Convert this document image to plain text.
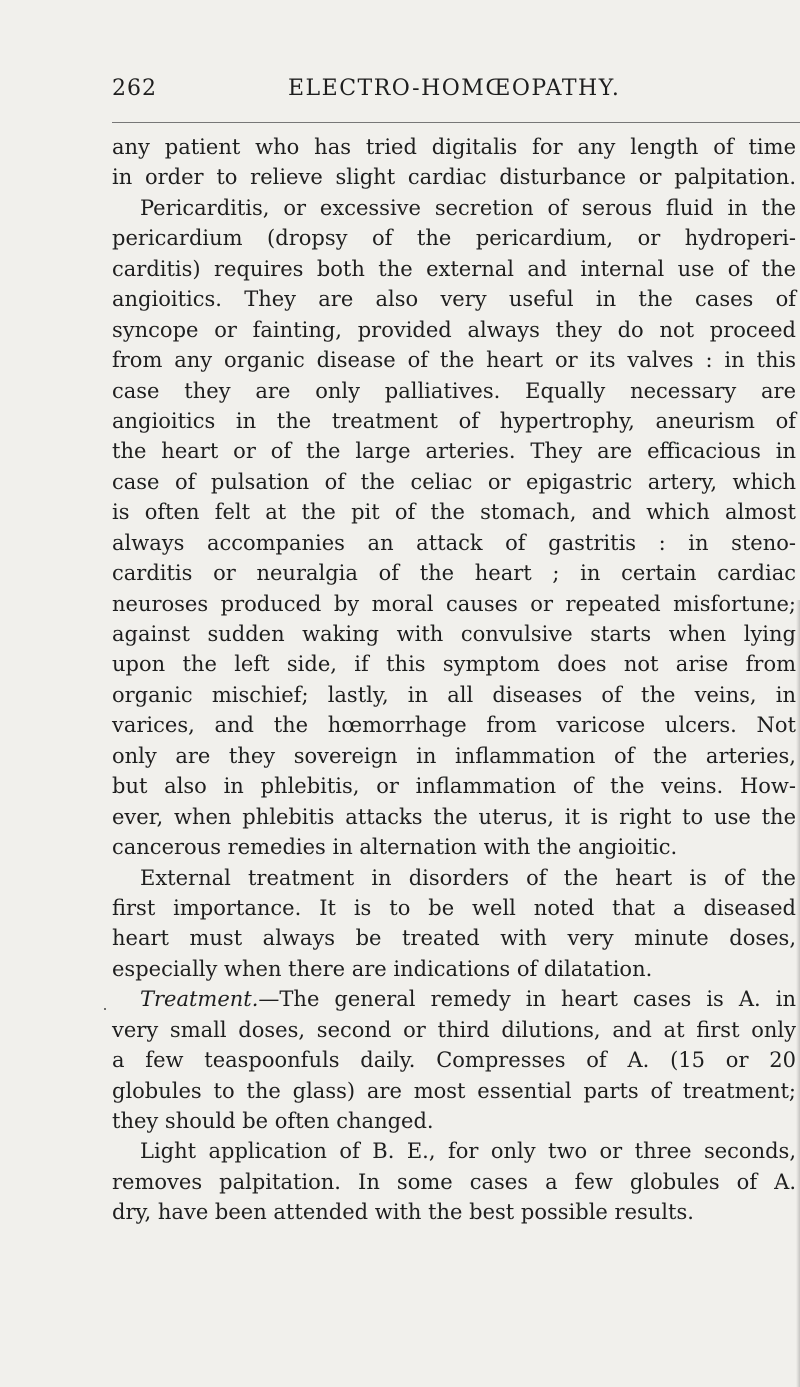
262	ELECTRO-HOMŒOPATHY.
any patient who has tried digitalis for any length of time
in order to relieve slight cardiac disturbance or palpitation.
Pericarditis, or excessive secretion of serous fluid in the
pericardium (dropsy of the pericardium, or hydroperi-
carditis) requires both the external and internal use of the
angioitics. They are also very useful in the cases of
syncope or fainting, provided always they do not proceed
from any organic disease of the heart or its valves : in this
case they are only palliatives. Equally necessary are
angioitics in the treatment of hypertrophy, aneurism of
the heart or of the large arteries. They are efficacious in
case of pulsation of the celiac or epigastric artery, which
is often felt at the pit of the stomach, and which almost
always accompanies an attack of gastritis : in steno-
carditis or neuralgia of the heart ; in certain cardiac
neuroses produced by moral causes or repeated misfortune;
against sudden waking with convulsive starts when lying
upon the left side, if this symptom does not arise from
organic mischief; lastly, in all diseases of the veins, in
varices, and the hœmorrhage from varicose ulcers. Not
only are they sovereign in inflammation of the arteries,
but also in phlebitis, or inflammation of the veins. How-
ever, when phlebitis attacks the uterus, it is right to use the
cancerous remedies in alternation with the angioitic.
External treatment in disorders of the heart is of the
first importance. It is to be well noted that a diseased
heart must always be treated with very minute doses,
especially when there are indications of dilatation.
Treatment.—The general remedy in heart cases is A. in
very small doses, second or third dilutions, and at first only
a few teaspoonfuls daily. Compresses of A. (15 or 20
globules to the glass) are most essential parts of treatment;
they should be often changed.
Light application of B. E., for only two or three seconds,
removes palpitation. In some cases a few globules of A.
dry, have been attended with the best possible results.
